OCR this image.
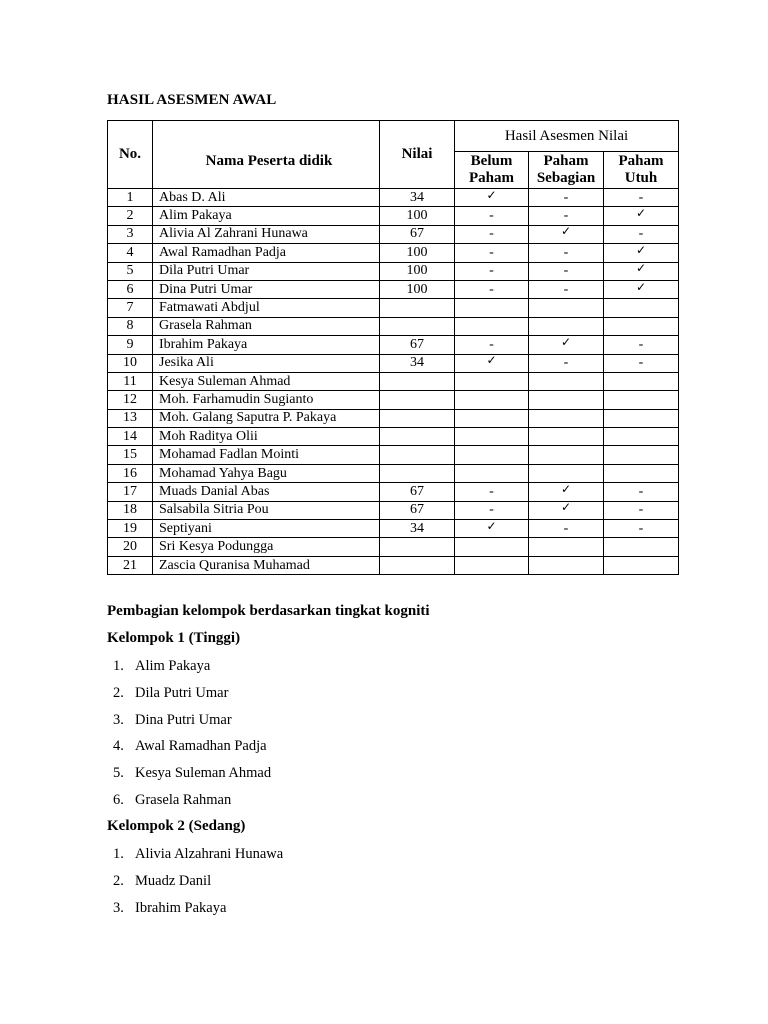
HASIL ASESMEN AWAL
No.	Nama Peserta didik	Nilai	Hasil Asesmen Nilai		
			Belum Paham	Paham Sebagian	Paham Utuh
1	Abas D. Ali	34	✓	-	-
2	Alim Pakaya	100	-	-	✓
3	Alivia Al Zahrani Hunawa	67	-	✓	-
4	Awal Ramadhan Padja	100	-	-	✓
5	Dila Putri Umar	100	-	-	✓
6	Dina Putri Umar	100	-	-	✓
7	Fatmawati Abdjul				
8	Grasela Rahman				
9	Ibrahim Pakaya	67	-	✓	-
10	Jesika Ali	34	✓	-	-
11	Kesya Suleman Ahmad				
12	Moh. Farhamudin Sugianto				
13	Moh. Galang Saputra P. Pakaya				
14	Moh Raditya Olii				
15	Mohamad Fadlan Mointi				
16	Mohamad Yahya Bagu				
17	Muads Danial Abas	67	-	✓	-
18	Salsabila Sitria Pou	67	-	✓	-
19	Septiyani	34	✓	-	-
20	Sri Kesya Podungga				
21	Zascia Quranisa Muhamad				
Pembagian kelompok berdasarkan tingkat kogniti
Kelompok 1 (Tinggi)
1. Alim Pakaya
2. Dila Putri Umar
3. Dina Putri Umar
4. Awal Ramadhan Padja
5. Kesya Suleman Ahmad
6. Grasela Rahman
Kelompok 2 (Sedang)
1. Alivia Alzahrani Hunawa
2. Muadz Danil
3. Ibrahim Pakaya
